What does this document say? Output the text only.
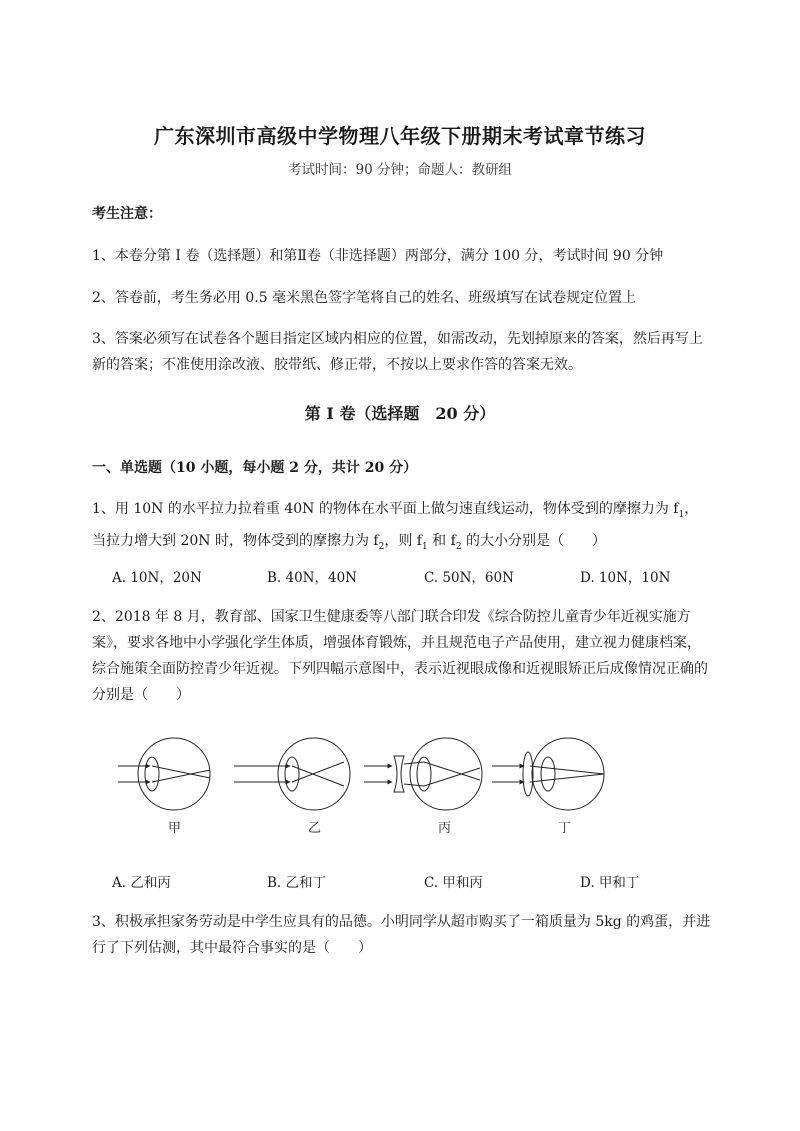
广东深圳市高级中学物理八年级下册期末考试章节练习
考试时间：90 分钟；命题人：教研组
考生注意：
1、本卷分第 I 卷（选择题）和第Ⅱ卷（非选择题）两部分，满分 100 分，考试时间 90 分钟
2、答卷前，考生务必用 0.5 毫米黑色签字笔将自己的姓名、班级填写在试卷规定位置上
3、答案必须写在试卷各个题目指定区域内相应的位置，如需改动，先划掉原来的答案，然后再写上新的答案；不准使用涂改液、胶带纸、修正带，不按以上要求作答的答案无效。
第 I 卷（选择题　20 分）
一、单选题（10 小题，每小题 2 分，共计 20 分）
1、用 10N 的水平拉力拉着重 40N 的物体在水平面上做匀速直线运动，物体受到的摩擦力为 $f_1$，当拉力增大到 20N 时，物体受到的摩擦力为 $f_2$，则 $f_1$ 和 $f_2$ 的大小分别是（　　）
A. 10N，20N	B. 40N，40N	C. 50N，60N	D. 10N，10N
2、2018 年 8 月，教育部、国家卫生健康委等八部门联合印发《综合防控儿童青少年近视实施方案》，要求各地中小学强化学生体质，增强体育锻炼，并且规范电子产品使用，建立视力健康档案，综合施策全面防控青少年近视。下列四幅示意图中，表示近视眼成像和近视眼矫正后成像情况正确的分别是（　　）
甲	乙	丙	丁
A. 乙和丙	B. 乙和丁	C. 甲和丙	D. 甲和丁
3、积极承担家务劳动是中学生应具有的品德。小明同学从超市购买了一箱质量为 5kg 的鸡蛋，并进行了下列估测，其中最符合事实的是（　　）
